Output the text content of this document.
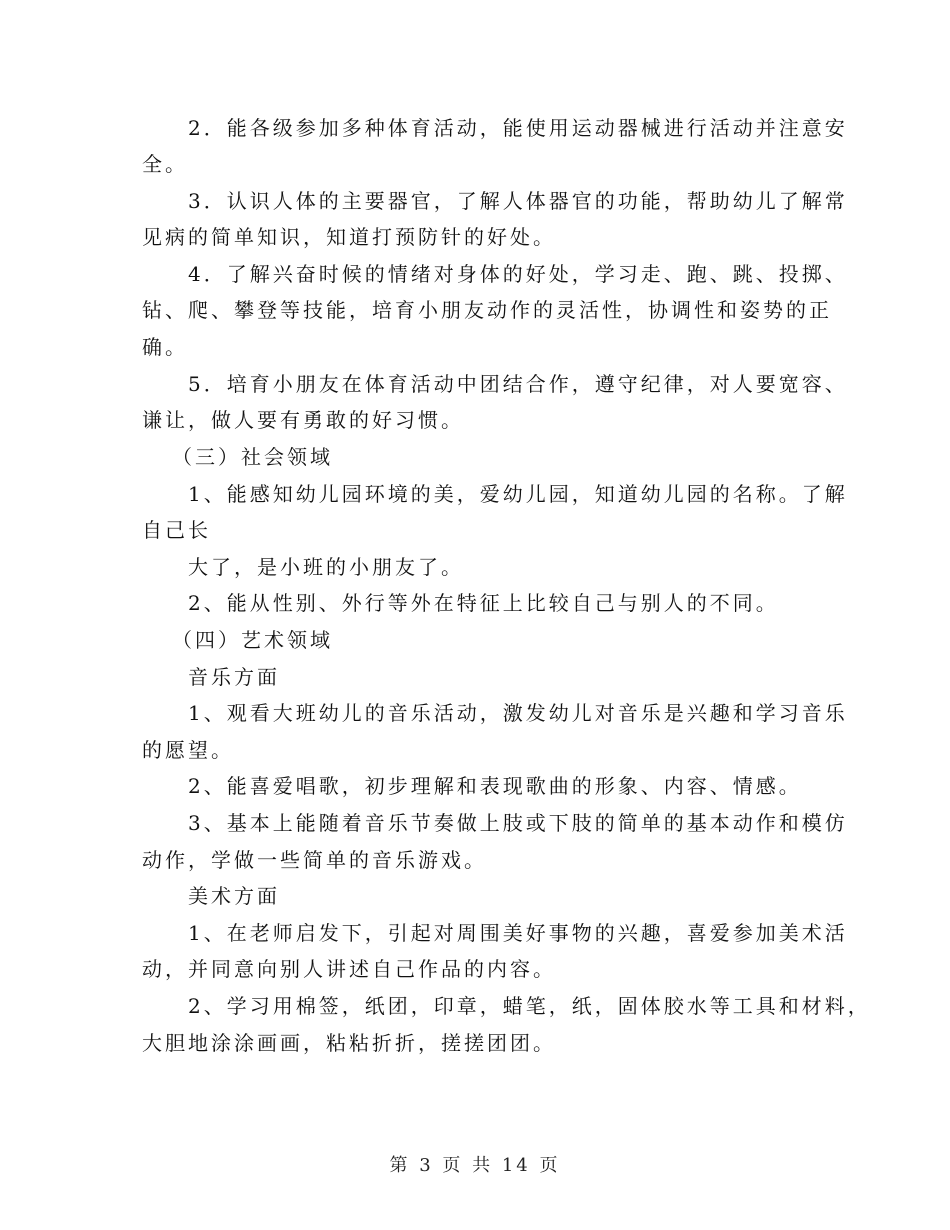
2．能各级参加多种体育活动，能使用运动器械进行活动并注意安
全。
3．认识人体的主要器官，了解人体器官的功能，帮助幼儿了解常
见病的简单知识，知道打预防针的好处。
4．了解兴奋时候的情绪对身体的好处，学习走、跑、跳、投掷、
钻、爬、攀登等技能，培育小朋友动作的灵活性，协调性和姿势的正
确。
5．培育小朋友在体育活动中团结合作，遵守纪律，对人要宽容、
谦让，做人要有勇敢的好习惯。
（三）社会领域
1、能感知幼儿园环境的美，爱幼儿园，知道幼儿园的名称。了解
自己长
大了，是小班的小朋友了。
2、能从性别、外行等外在特征上比较自己与别人的不同。
（四）艺术领域
音乐方面
1、观看大班幼儿的音乐活动，激发幼儿对音乐是兴趣和学习音乐
的愿望。
2、能喜爱唱歌，初步理解和表现歌曲的形象、内容、情感。
3、基本上能随着音乐节奏做上肢或下肢的简单的基本动作和模仿
动作，学做一些简单的音乐游戏。
美术方面
1、在老师启发下，引起对周围美好事物的兴趣，喜爱参加美术活
动，并同意向别人讲述自己作品的内容。
2、学习用棉签，纸团，印章，蜡笔，纸，固体胶水等工具和材料，
大胆地涂涂画画，粘粘折折，搓搓团团。
第 3 页 共 14 页
